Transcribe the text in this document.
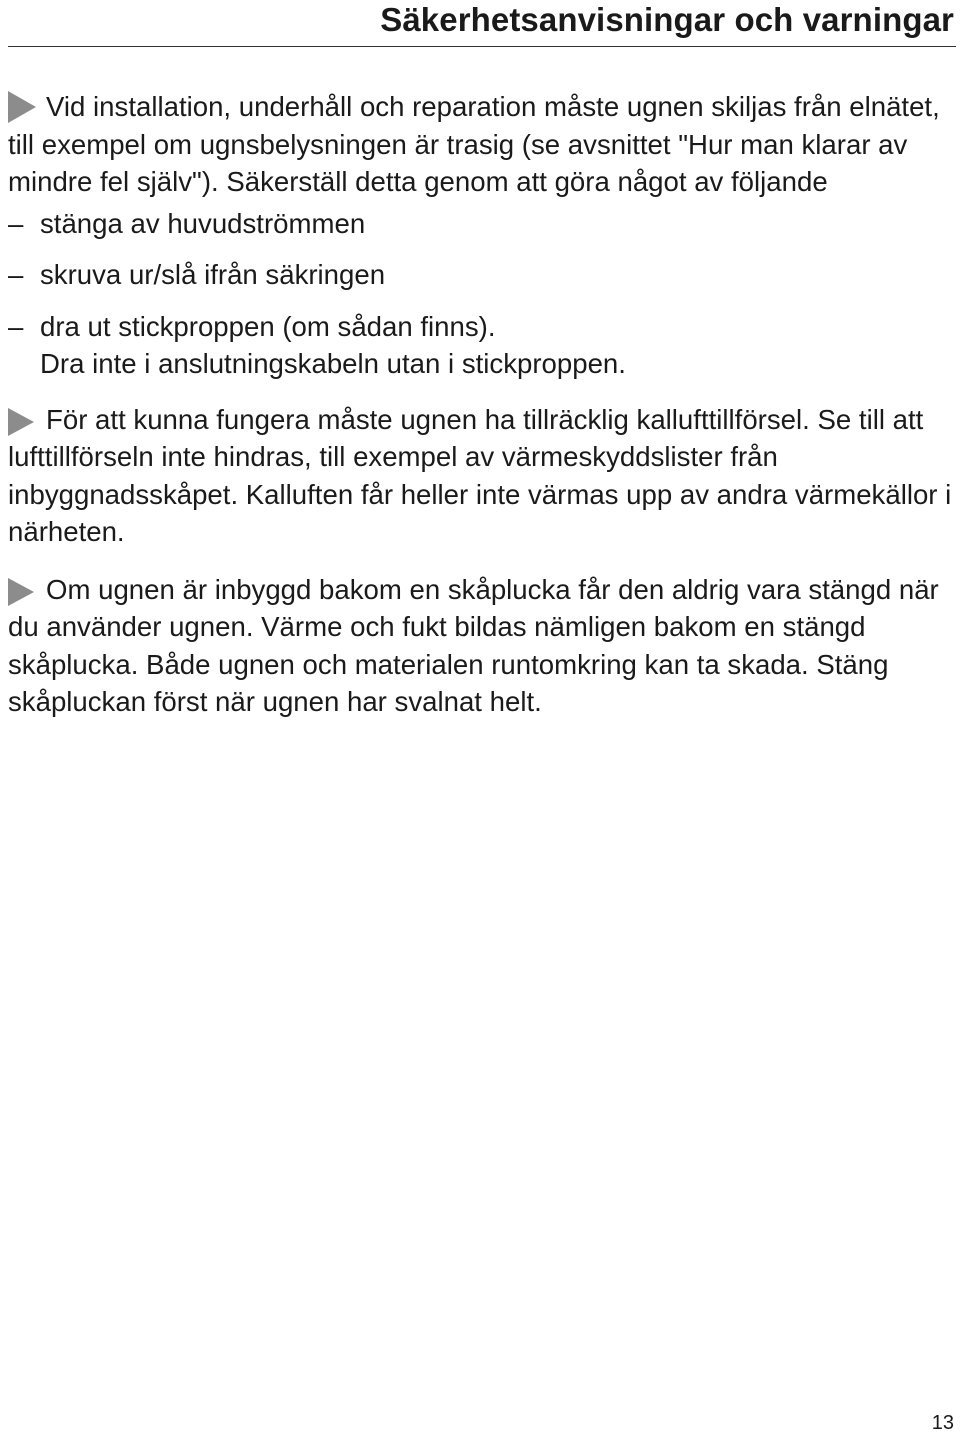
Säkerhetsanvisningar och varningar
Vid installation, underhåll och reparation måste ugnen skiljas från elnätet, till exempel om ugnsbelysningen är trasig (se avsnittet "Hur man klarar av mindre fel själv"). Säkerställ detta genom att göra något av följande
– stänga av huvudströmmen
– skruva ur/slå ifrån säkringen
– dra ut stickproppen (om sådan finns).
Dra inte i anslutningskabeln utan i stickproppen.
För att kunna fungera måste ugnen ha tillräcklig kallufttillförsel. Se till att lufttillförseln inte hindras, till exempel av värmeskyddslister från inbyggnadsskåpet. Kalluften får heller inte värmas upp av andra värmekällor i närheten.
Om ugnen är inbyggd bakom en skåplucka får den aldrig vara stängd när du använder ugnen. Värme och fukt bildas nämligen bakom en stängd skåplucka. Både ugnen och materialen runtomkring kan ta skada. Stäng skåpluckan först när ugnen har svalnat helt.
13
